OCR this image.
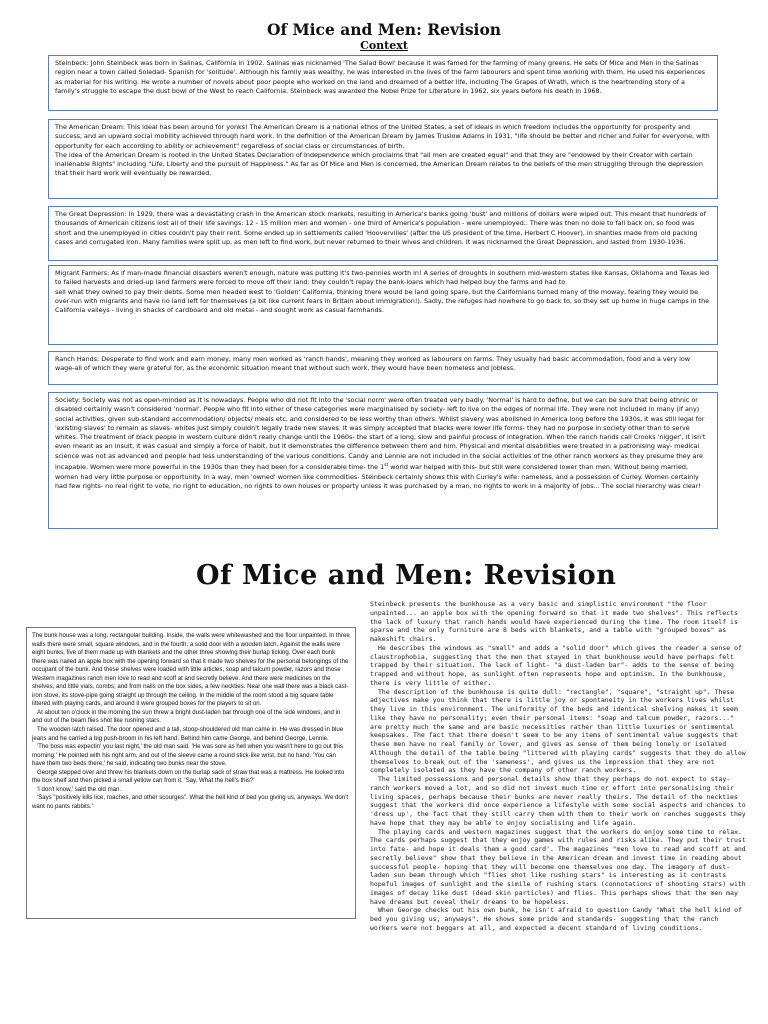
Of Mice and Men: Revision
Context

Steinbeck: John Steinbeck was born in Salinas, California in 1902. Salinas was nicknamed 'The Salad Bowl' because it was famed for the farming of many greens. He sets Of Mice and Men in the Salinas region near a town called Soledad- Spanish for 'solitude'. Although his family was wealthy, he was interested in the lives of the farm labourers and spent time working with them. He used his experiences as material for his writing. He wrote a number of novels about poor people who worked on the land and dreamed of a better life, including The Grapes of Wrath, which is the heartrending story of a family's struggle to escape the dust bowl of the West to reach California. Steinbeck was awarded the Nobel Prize for Literature in 1962, six years before his death in 1968.

The American Dream: This ideal has been around for yonks! The American Dream is a national ethos of the United States, a set of ideals in which freedom includes the opportunity for prosperity and success, and an upward social mobility achieved through hard work. In the definition of the American Dream by James Truslow Adams in 1931, "life should be better and richer and fuller for everyone, with opportunity for each according to ability or achievement" regardless of social class or circumstances of birth.

The idea of the American Dream is rooted in the United States Declaration of Independence which proclaims that "all men are created equal" and that they are "endowed by their Creator with certain inalienable Rights" including "Life, Liberty and the pursuit of Happiness." As far as Of Mice and Men is concerned, the American Dream relates to the beliefs of the men struggling through the depression that their hard work will eventually be rewarded.

The Great Depression: In 1929, there was a devastating crash in the American stock markets, resulting in America's banks going 'bust' and millions of dollars were wiped out. This meant that hundreds of thousands of American citizens lost all of their life savings: 12 - 15 million men and women - one third of America's population - were unemployed.. There was then no dole to fall back on, so food was short and the unemployed in cities couldn't pay their rent. Some ended up in settlements called 'Hoovervilles' (after the US president of the time, Herbert C Hoover), in shanties made from old packing cases and corrugated iron. Many families were split up, as men left to find work, but never returned to their wives and children. It was nicknamed the Great Depression, and lasted from 1930-1936.

Migrant Farmers: As if man-made financial disasters weren't enough, nature was putting it's two-pennies worth in! A series of droughts in southern mid-western states like Kansas, Oklahoma and Texas led to failed harvests and dried-up land farmers were forced to move off their land: they couldn't repay the bank-loans which had helped buy the farms and had to

sell what they owned to pay their debts. Some men headed west to 'Golden' California, thinking there would be land going spare, but the Californians turned many of the moway, fearing they would be over-run with migrants and have no land left for themselves (a bit like current fears in Britain about immigration!). Sadly, the refuges had nowhere to go back to, so they set up home in huge camps in the California valleys - living in shacks of cardboard and old metal - and sought work as casual farmhands.

Ranch Hands: Desperate to find work and earn money, many men worked as 'ranch hands', meaning they worked as labourers on farms. They usually had basic accommodation, food and a very low wage-all of which they were grateful for, as the economic situation meant that without such work, they would have been homeless and jobless.

Society: Society was not as open-minded as it is nowadays. People who did not fit into the 'social norm' were often treated very badly. 'Normal' is hard to define, but we can be sure that being ethnic or disabled certainly wasn't considered 'normal'. People who fit into either of these categories were marginalised by society- left to live on the edges of normal life. They were not included in many (if any) social activities, given sub-standard accommodation/ objects/ meals etc, and considered to be less worthy than others. Whilst slavery was abolished in America long before the 1930s, it was still legal for 'existing slaves' to remain as slaves- whites just simply couldn't legally trade new slaves. It was simply accepted that blacks were lower life forms- they had no purpose in society other than to serve whites. The treatment of black people in western culture didn't really change until the 1960s- the start of a long, slow and painful process of integration. When the ranch hands call Crooks 'nigger', it isn't even meant as an insult, it was casual and simply a force of habit, but it demonstrates the difference between them and him. Physical and mental disabilities were treated in a patronising way- medical science was not as advanced and people had less understanding of the various conditions. Candy and Lennie are not included in the social activities of the other ranch workers as they presume they are incapable. Women were more powerful in the 1930s than they had been for a considerable time- the 1st world war helped with this- but still were considered lower than men. Without being married, women had very little purpose or opportunity. In a way, men 'owned' women like commodities- Steinbeck certainly shows this with Curley's wife: nameless, and a possession of Curley. Women certainly had few rights- no real right to vote, no right to education, no rights to own houses or property unless it was purchased by a man, no rights to work in a majority of jobs... The social hierarchy was clear!

Of Mice and Men: Revision

The bunk house was a long, rectangular building. Inside, the walls were whitewashed and the floor unpainted. In three walls there were small, square windows, and in the fourth, a solid door with a wooden latch. Against the walls were eight bunks, five of them made up with blankets and the other three showing their burlap ticking. Over each bunk there was nailed an apple box with the opening forward so that it made two shelves for the personal belongings of the occupant of the bunk. And these shelves were loaded with little articles, soap and talcum powder, razors and those Western magazines ranch men love to read and scoff at and secretly believe. And there were medicines on the shelves, and little vials, combs; and from nails on the box sides, a few neckties. Near one wall there was a black cast-iron stove, its stove-pipe going straight up through the ceiling. In the middle of the room stood a big square table littered with playing cards, and around it were grouped boxes for the players to sit on.

At about ten o'clock in the morning the sun threw a bright dust-laden bar through one of the side windows, and in and out of the beam flies shot like rushing stars.

The wooden latch raised. The door opened and a tall, stoop-shouldered old man came in. He was dressed in blue jeans and he carried a big push-broom in his left hand. Behind him came George, and behind George, Lennie.

'The boss was expectin' you last night,' the old man said. 'He was sore as hell when you wasn't here to go out this morning.' He pointed with his right arm, and out of the sleeve came a round stick-like wrist, but no hand. 'You can have them two beds there,' he said, indicating two bunks near the stove.

George stepped over and threw his blankets down on the burlap sack of straw that was a mattress. He looked into the box shelf and then picked a small yellow can from it. 'Say. What the hell's this?'

'I don't know,' said the old man.

'Says "positively kills lice, roaches, and other scourges". What the hell kind of bed you giving us, anyways. We don't want no pants rabbits.'

Steinbeck presents the bunkhouse as a very basic and simplistic environment "the floor unpainted... an apple box with the opening forward so that it made two shelves". This reflects the lack of luxury that ranch hands would have experienced during the time. The room itself is sparse and the only furniture are 8 beds with blankets, and a table with "grouped boxes" as makeshift chairs.

He describes the windows as "small" and adds a "solid door" which gives the reader a sense of claustrophobia, suggesting that the men that stayed in that bunkhouse would have perhaps felt trapped by their situation. The lack of light- "a dust-laden bar"- adds to the sense of being trapped and without hope, as sunlight often represents hope and optimism. In the bunkhouse, there is very little of either.

The description of the bunkhouse is quite dull: "rectangle", "square", "straight up". These adjectives make you think that there is little joy or spontaneity in the workers lives whilst they live in this environment. The uniformity of the beds and identical shelving makes it seem like they have no personality; even their personal items: "soap and talcum powder, razors..." are pretty much the same and are basic necessities rather than little luxuries or sentimental keepsakes. The fact that there doesn't seem to be any items of sentimental value suggests that these men have no real family or lover, and gives as sense of them being lonely or isolated Although the detail of the table being "littered with playing cards" suggests that they do allow themselves to break out of the 'sameness', and gives us the impression that they are not completely isolated as they have the company of other ranch workers.

The limited possessions and personal details show that they perhaps do not expect to stay- ranch workers moved a lot, and so did not invest much time or effort into personalising their living spaces, perhaps because their bunks are never really theirs. The detail of the neckties suggest that the workers did once experience a lifestyle with some social aspects and chances to 'dress up', the fact that they still carry them with them to their work on ranches suggests they have hope that they may be able to enjoy socialising and life again.

The playing cards and western magazines suggest that the workers do enjoy some time to relax. The cards perhaps suggest that they enjoy games with rules and risks alike. They put their trust into fate- and hope it deals them a good card'. The magazines "men love to read and scoff at and secretly believe" show that they believe in the American dream and invest time in reading about successful people- hoping that they will become one themselves one day. The imagery of dust-laden sun beam through which "flies shot like rushing stars" is interesting as it contrasts hopeful images of sunlight and the simile of rushing stars (connotations of shooting stars) with images of decay like dust (dead skin particles) and flies. This perhaps shows that the men may have dreams but reveal their dreams to be hopeless.

When George checks out his own bunk, he isn't afraid to question Candy "What the hell kind of bed you giving us, anyways". He shows some pride and standards- suggesting that the ranch workers were not beggars at all, and expected a decent standard of living conditions.
